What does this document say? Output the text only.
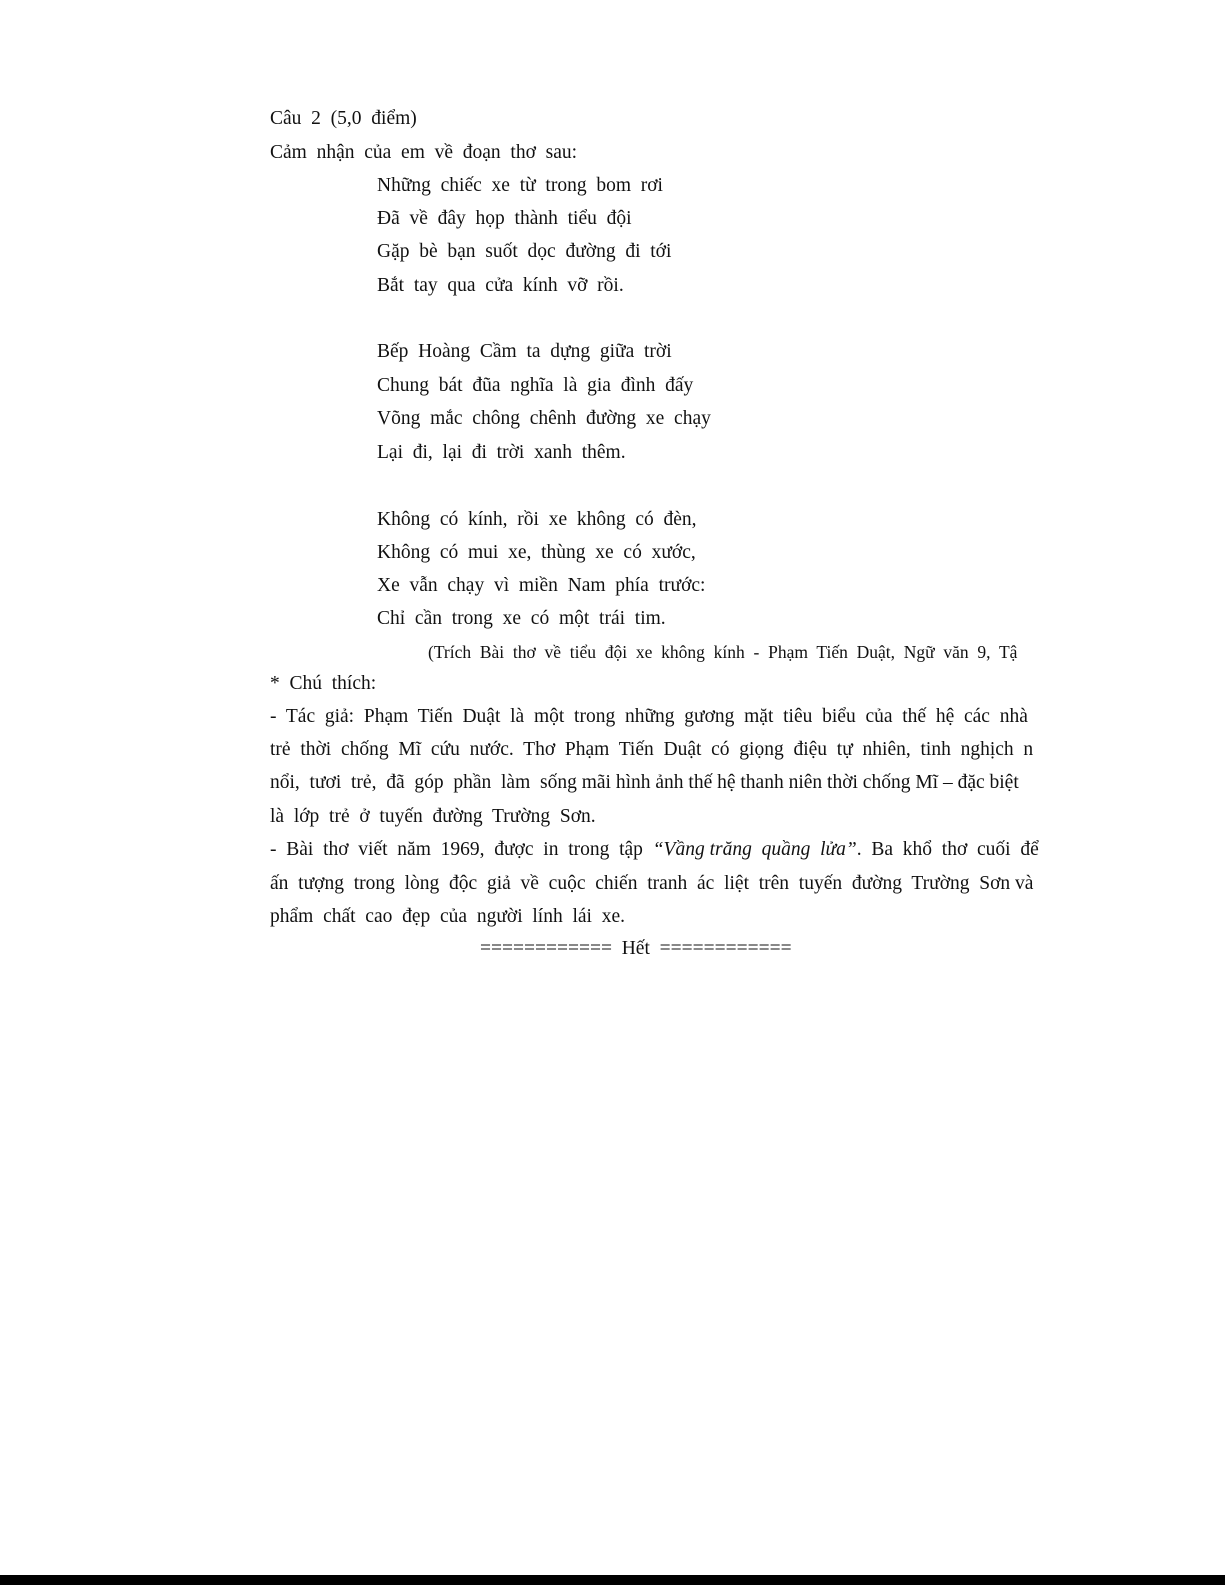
Câu  2  (5,0  điểm)
Cảm  nhận  của  em  về  đoạn  thơ  sau:
Những  chiếc  xe  từ  trong  bom  rơi
Đã  về  đây  họp  thành  tiểu  đội
Gặp  bè  bạn  suốt  dọc  đường  đi  tới
Bắt  tay  qua  cửa  kính  vỡ  rồi.
Bếp  Hoàng  Cầm  ta  dựng  giữa  trời
Chung  bát  đũa  nghĩa  là  gia  đình  đấy
Võng  mắc  chông  chênh  đường  xe  chạy
Lại  đi,  lại  đi  trời  xanh  thêm.
Không  có  kính,  rồi  xe  không  có  đèn,
Không  có  mui  xe,  thùng  xe  có  xước,
Xe  vẫn  chạy  vì  miền  Nam  phía  trước:
Chỉ  cần  trong  xe  có  một  trái  tim.
(Trích  Bài  thơ  về  tiểu  đội  xe  không  kính  -  Phạm  Tiến  Duật,  Ngữ  văn  9,  Tậ
*  Chú  thích:
-  Tác  giả:  Phạm  Tiến  Duật  là  một  trong  những  gương  mặt  tiêu  biểu  của  thế  hệ  các  nhà
trẻ  thời  chống  Mĩ  cứu  nước.  Thơ  Phạm  Tiến  Duật  có  giọng  điệu  tự  nhiên,  tinh  nghịch  n
nổi,  tươi  trẻ,  đã  góp  phần  làm  sống mãi hình ảnh thế hệ thanh niên thời chống Mĩ – đặc biệt
là  lớp  trẻ  ở  tuyến  đường  Trường  Sơn.
-  Bài  thơ  viết  năm  1969,  được  in  trong  tập  “Vầng trăng  quầng  lửa”.  Ba  khổ  thơ  cuối  để
ấn  tượng  trong  lòng  độc  giả  về  cuộc  chiến  tranh  ác  liệt  trên  tuyến  đường  Trường  Sơn và
phẩm  chất  cao  đẹp  của  người  lính  lái  xe.
============  Hết  ============
